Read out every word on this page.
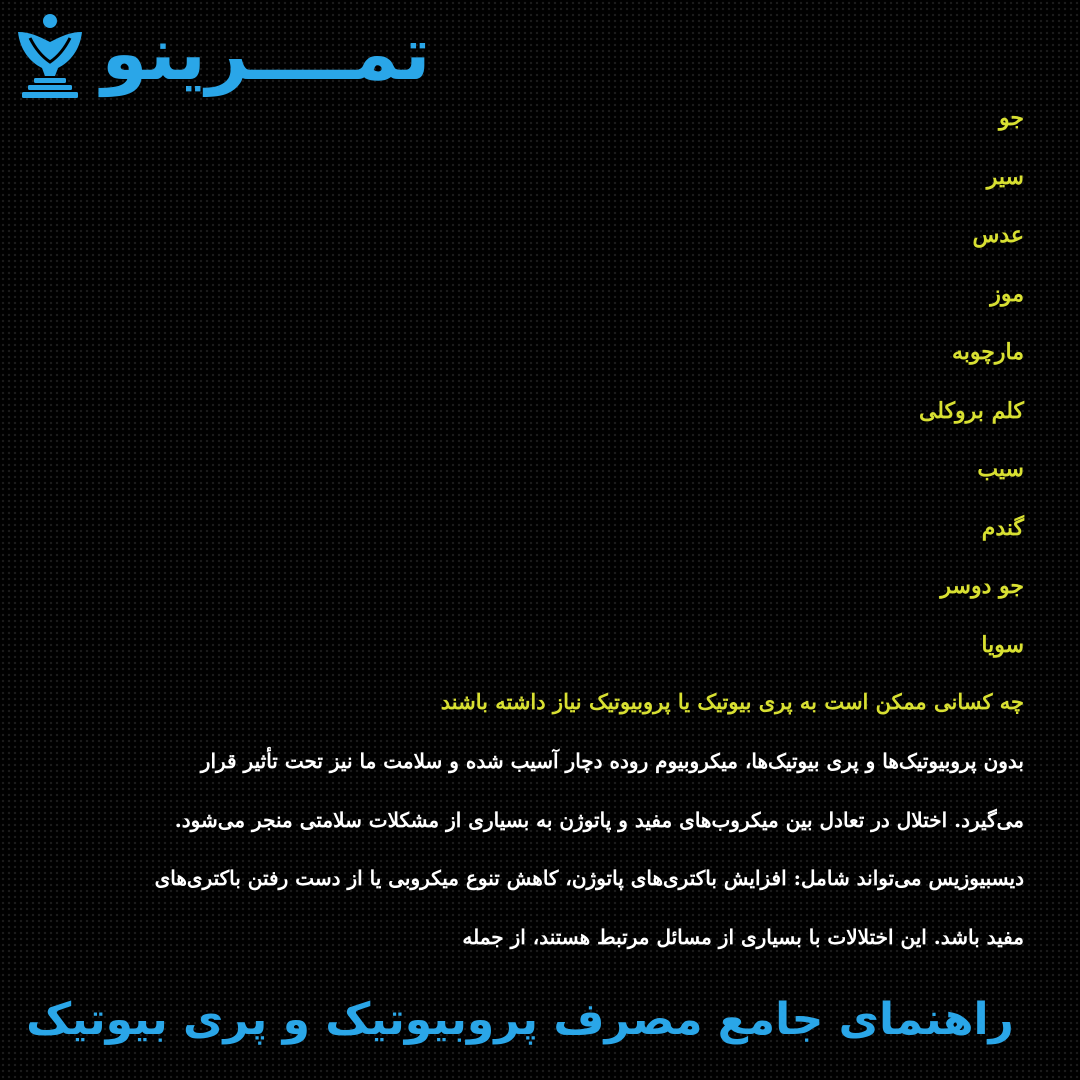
تمــــرینو
جو
سیر
عدس
موز
مارچوبه
کلم بروکلی
سیب
گندم
جو دوسر
سویا

چه کسانی ممکن است به پری بیوتیک یا پروبیوتیک نیاز داشته باشند

بدون پروبیوتیک‌ها و پری بیوتیک‌ها، میکروبیوم روده دچار آسیب شده و سلامت ما نیز تحت تأثیر قرار
می‌گیرد. اختلال در تعادل بین میکروب‌های مفید و پاتوژن به بسیاری از مشکلات سلامتی منجر می‌شود.
دیسبیوزیس می‌تواند شامل: افزایش باکتری‌های پاتوژن، کاهش تنوع میکروبی یا از دست رفتن باکتری‌های
مفید باشد. این اختلالات با بسیاری از مسائل مرتبط هستند، از جمله
راهنمای جامع مصرف پروبیوتیک و پری بیوتیک
